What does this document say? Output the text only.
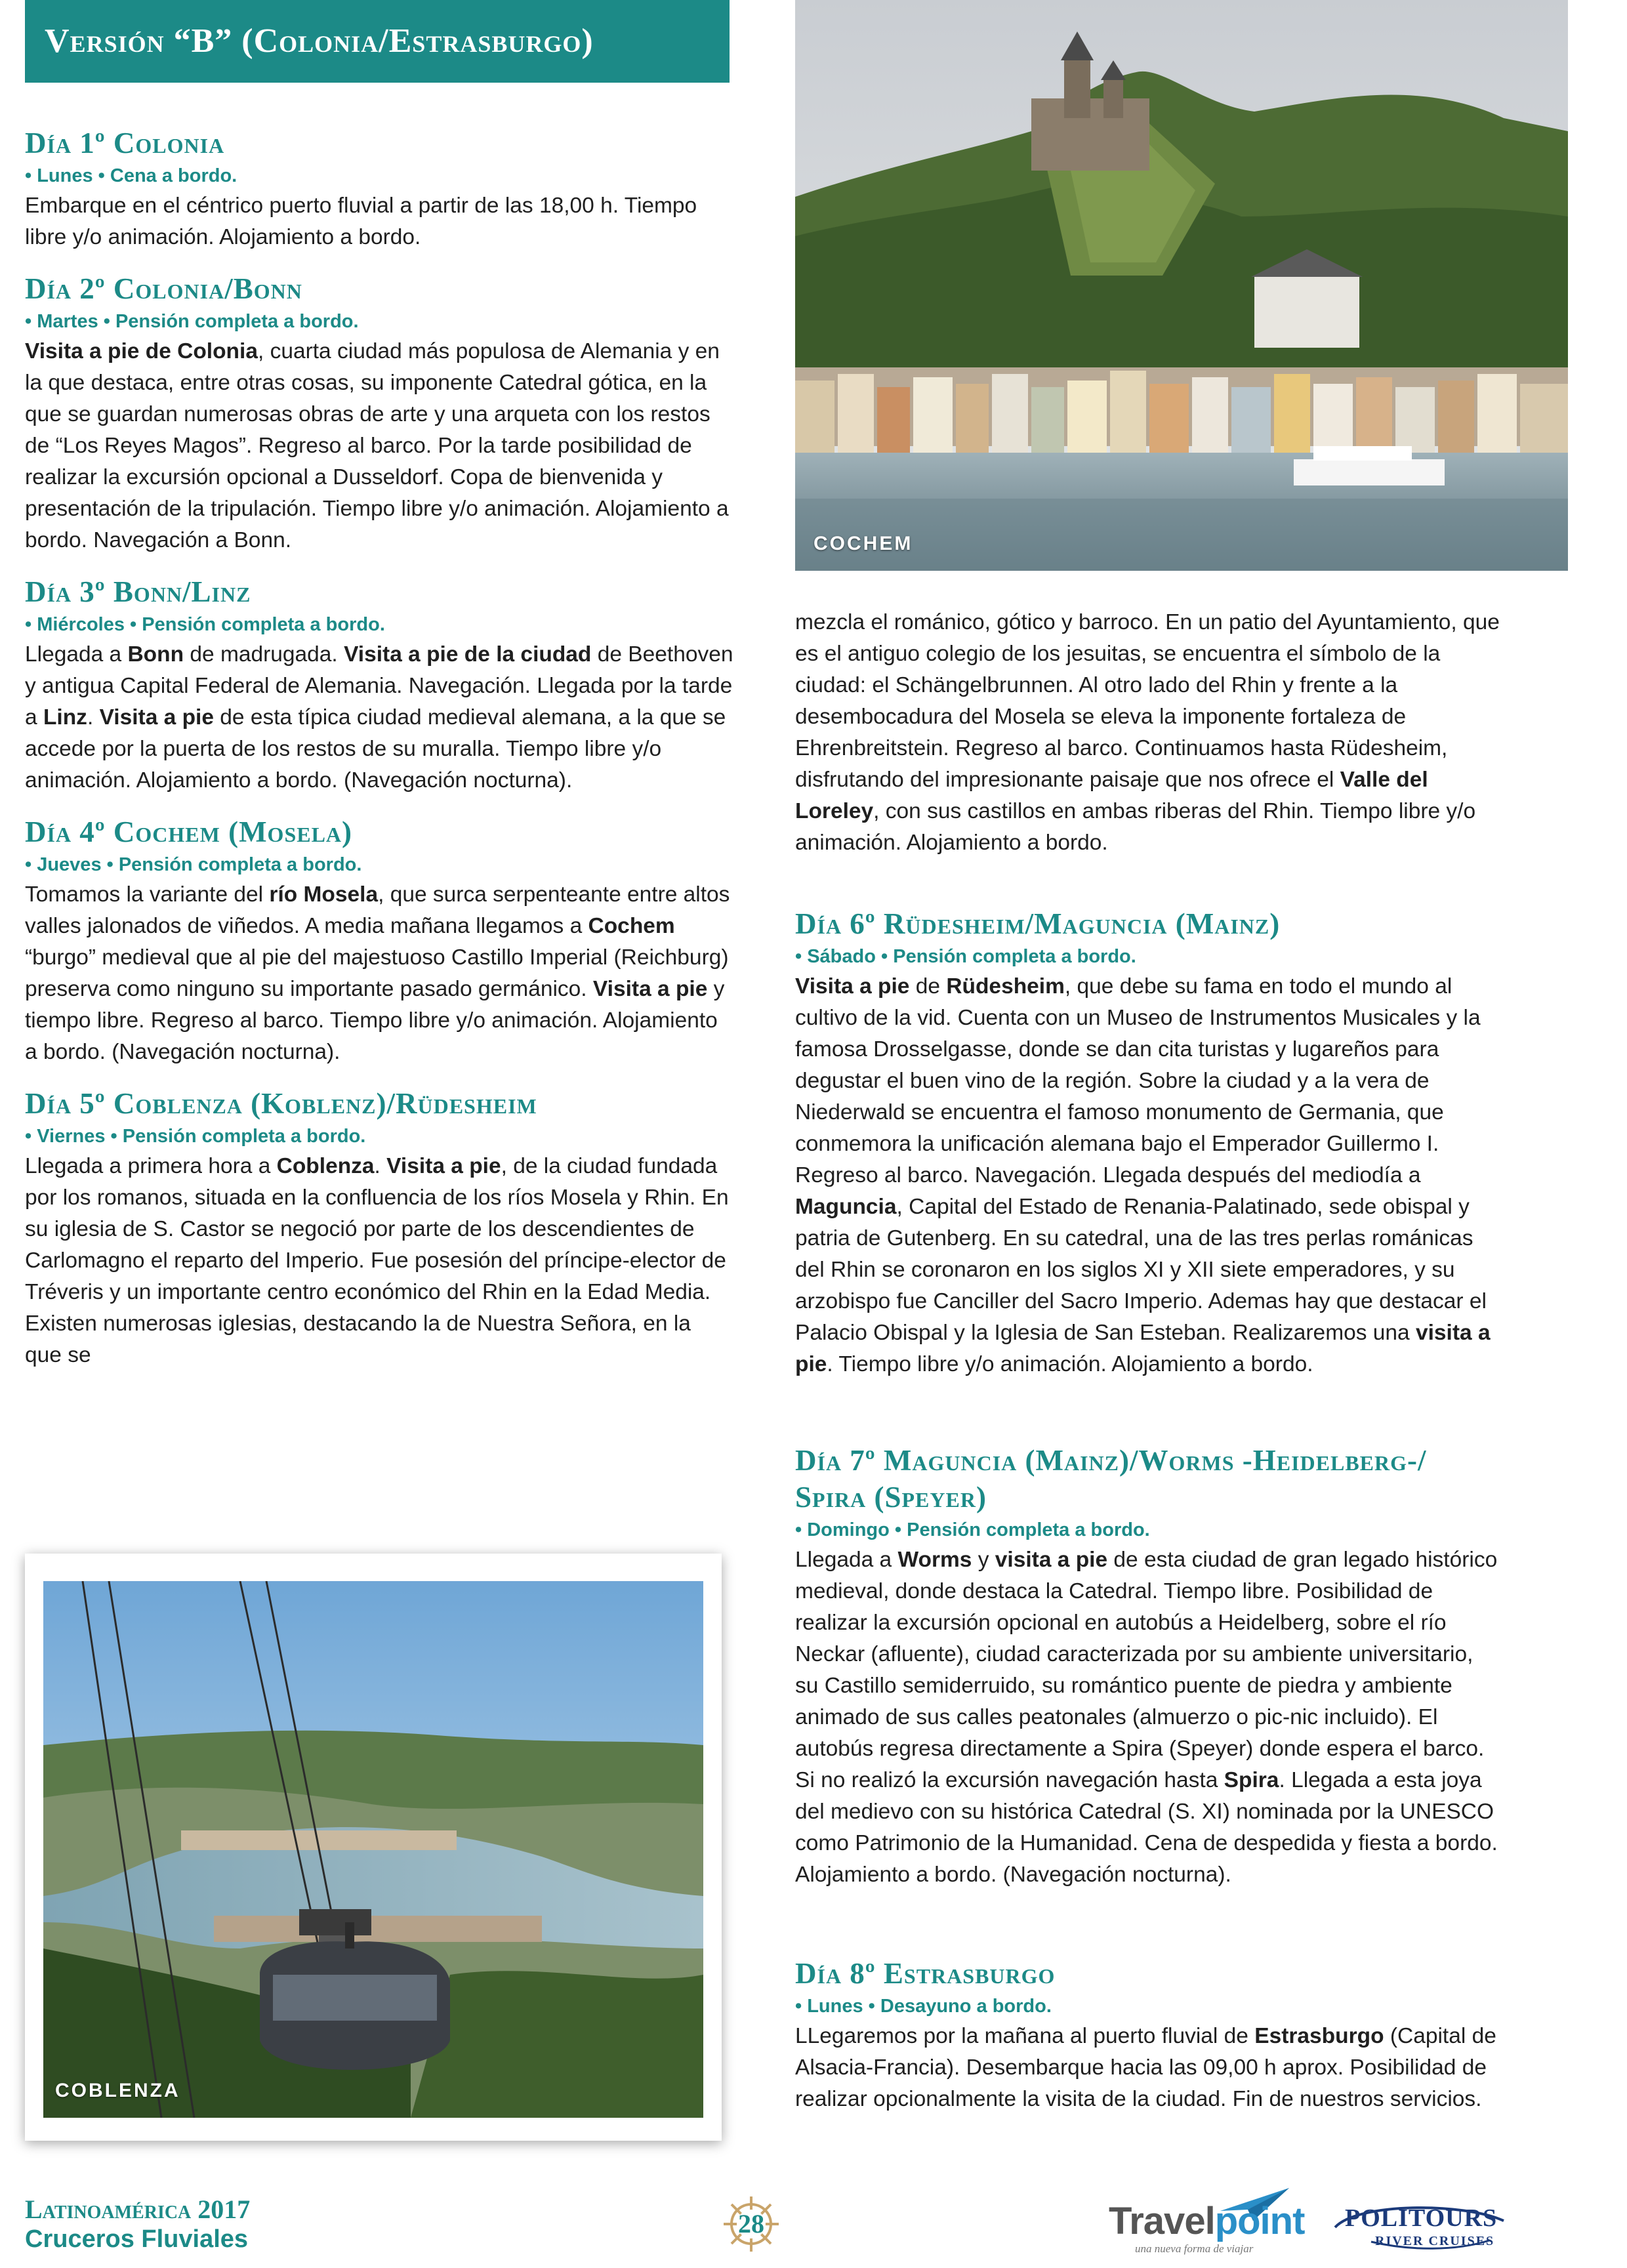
Versión “B” (Colonia/Estrasburgo)
Día 1º Colonia
• Lunes • Cena a bordo.

Embarque en el céntrico puerto fluvial a partir de las 18,00 h. Tiempo libre y/o animación. Alojamiento a bordo.

Día 2º Colonia/Bonn
• Martes • Pensión completa a bordo.

Visita a pie de Colonia, cuarta ciudad más populosa de Alemania y en la que destaca, entre otras cosas, su imponente Catedral gótica, en la que se guardan numerosas obras de arte y una arqueta con los restos de “Los Reyes Magos”. Regreso al barco. Por la tarde posibilidad de realizar la excursión opcional a Dusseldorf. Copa de bienvenida y presentación de la tripulación. Tiempo libre y/o animación. Alojamiento a bordo. Navegación a Bonn.

Día 3º Bonn/Linz
• Miércoles • Pensión completa a bordo.

Llegada a Bonn de madrugada. Visita a pie de la ciudad de Beethoven y antigua Capital Federal de Alemania. Navegación. Llegada por la tarde a Linz. Visita a pie de esta típica ciudad medieval alemana, a la que se accede por la puerta de los restos de su muralla. Tiempo libre y/o animación. Alojamiento a bordo. (Navegación nocturna).

Día 4º Cochem (Mosela)
• Jueves • Pensión completa a bordo.

Tomamos la variante del río Mosela, que surca serpenteante entre altos valles jalonados de viñedos. A media mañana llegamos a Cochem “burgo” medieval que al pie del majestuoso Castillo Imperial (Reichburg) preserva como ninguno su importante pasado germánico. Visita a pie y tiempo libre. Regreso al barco. Tiempo libre y/o animación. Alojamiento a bordo. (Navegación nocturna).

Día 5º Coblenza (Koblenz)/Rüdesheim
• Viernes • Pensión completa a bordo.

Llegada a primera hora a Coblenza. Visita a pie, de la ciudad fundada por los romanos, situada en la confluencia de los ríos Mosela y Rhin. En su iglesia de S. Castor se negoció por parte de los descendientes de Carlomagno el reparto del Imperio. Fue posesión del príncipe-elector de Tréveris y un importante centro económico del Rhin en la Edad Media. Existen numerosas iglesias, destacando la de Nuestra Señora, en la que se

COCHEM

mezcla el románico, gótico y barroco. En un patio del Ayuntamiento, que es el antiguo colegio de los jesuitas, se encuentra el símbolo de la ciudad: el Schängelbrunnen. Al otro lado del Rhin y frente a la desembocadura del Mosela se eleva la imponente fortaleza de Ehrenbreitstein. Regreso al barco. Continuamos hasta Rüdesheim, disfrutando del impresionante paisaje que nos ofrece el Valle del Loreley, con sus castillos en ambas riberas del Rhin. Tiempo libre y/o animación. Alojamiento a bordo.

Día 6º Rüdesheim/Maguncia (Mainz)
• Sábado • Pensión completa a bordo.

Visita a pie de Rüdesheim, que debe su fama en todo el mundo al cultivo de la vid. Cuenta con un Museo de Instrumentos Musicales y la famosa Drosselgasse, donde se dan cita turistas y lugareños para degustar el buen vino de la región. Sobre la ciudad y a la vera de Niederwald se encuentra el famoso monumento de Germania, que conmemora la unificación alemana bajo el Emperador Guillermo I. Regreso al barco. Navegación. Llegada después del mediodía a Maguncia, Capital del Estado de Renania-Palatinado, sede obispal y patria de Gutenberg. En su catedral, una de las tres perlas románicas del Rhin se coronaron en los siglos XI y XII siete emperadores, y su arzobispo fue Canciller del Sacro Imperio. Ademas hay que destacar el Palacio Obispal y la Iglesia de San Esteban. Realizaremos una visita a pie. Tiempo libre y/o animación. Alojamiento a bordo.

Día 7º Maguncia (Mainz)/Worms -Heidelberg-/ Spira (Speyer)
• Domingo • Pensión completa a bordo.

Llegada a Worms y visita a pie de esta ciudad de gran legado histórico medieval, donde destaca la Catedral. Tiempo libre. Posibilidad de realizar la excursión opcional en autobús a Heidelberg, sobre el río Neckar (afluente), ciudad caracterizada por su ambiente universitario, su Castillo semiderruido, su romántico puente de piedra y ambiente animado de sus calles peatonales (almuerzo o pic-nic incluido). El autobús regresa directamente a Spira (Speyer) donde espera el barco. Si no realizó la excursión navegación hasta Spira. Llegada a esta joya del medievo con su histórica Catedral (S. XI) nominada por la UNESCO como Patrimonio de la Humanidad. Cena de despedida y fiesta a bordo. Alojamiento a bordo. (Navegación nocturna).

Día 8º Estrasburgo
• Lunes • Desayuno a bordo.

LLegaremos por la mañana al puerto fluvial de Estrasburgo (Capital de Alsacia-Francia). Desembarque hacia las 09,00 h aprox. Posibilidad de realizar opcionalmente la visita de la ciudad. Fin de nuestros servicios.

COBLENZA
Latinoamérica 2017
Cruceros Fluviales
28	Travelpoint
una nueva forma de viajar
POLITOURS
RIVER CRUISES
